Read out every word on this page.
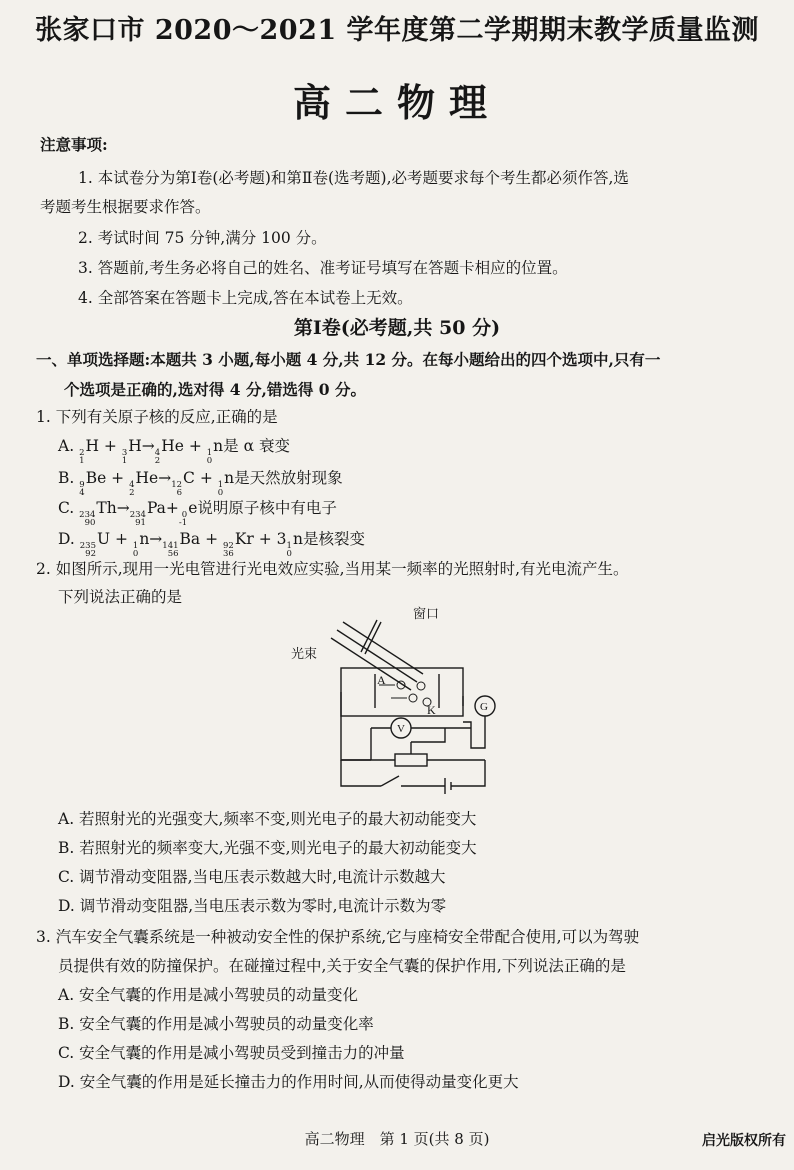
张家口市 2020～2021 学年度第二学期期末教学质量监测
高二物理
注意事项:
1. 本试卷分为第Ⅰ卷(必考题)和第Ⅱ卷(选考题),必考题要求每个考生都必须作答,选
考题考生根据要求作答。
2. 考试时间 75 分钟,满分 100 分。
3. 答题前,考生务必将自己的姓名、准考证号填写在答题卡相应的位置。
4. 全部答案在答题卡上完成,答在本试卷上无效。
第Ⅰ卷(必考题,共 50 分)
一、单项选择题:本题共 3 小题,每小题 4 分,共 12 分。在每小题给出的四个选项中,只有一
个选项是正确的,选对得 4 分,错选得 0 分。
1. 下列有关原子核的反应,正确的是
A. 2
1
H + 3
1
H→ 4
2
He + 1
0
n是 α 衰变
B. 9
4
Be + 4
2
He→ 12
6
C + 1
0
n是天然放射现象
C. 234
90
Th→ 234
91
Pa+ 0
-1
e说明原子核中有电子
D. 235
92
U + 1
0
n→ 141
56
Ba + 92
36
Kr + 3 1
0
n是核裂变
2. 如图所示,现用一光电管进行光电效应实验,当用某一频率的光照射时,有光电流产生。
下列说法正确的是
窗口
光束
A
K	G
V
A. 若照射光的光强变大,频率不变,则光电子的最大初动能变大
B. 若照射光的频率变大,光强不变,则光电子的最大初动能变大
C. 调节滑动变阻器,当电压表示数越大时,电流计示数越大
D. 调节滑动变阻器,当电压表示数为零时,电流计示数为零
3. 汽车安全气囊系统是一种被动安全性的保护系统,它与座椅安全带配合使用,可以为驾驶
员提供有效的防撞保护。在碰撞过程中,关于安全气囊的保护作用,下列说法正确的是
A. 安全气囊的作用是减小驾驶员的动量变化
B. 安全气囊的作用是减小驾驶员的动量变化率
C. 安全气囊的作用是减小驾驶员受到撞击力的冲量
D. 安全气囊的作用是延长撞击力的作用时间,从而使得动量变化更大
高二物理　第 1 页(共 8 页)	启光版权所有
